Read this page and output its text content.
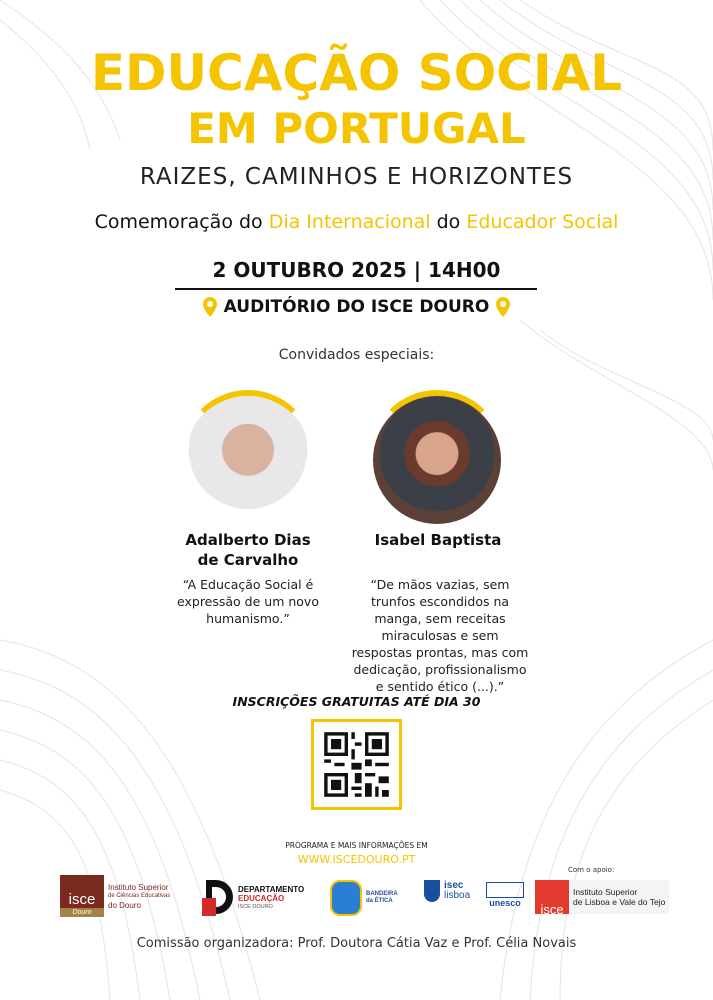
EDUCAÇÃO SOCIAL
EM PORTUGAL
RAIZES, CAMINHOS E HORIZONTES
Comemoração do Dia Internacional do Educador Social
2 OUTUBRO 2025 | 14H00
AUDITÓRIO DO ISCE DOURO
Convidados especiais:
Adalberto Dias
de Carvalho
Isabel Baptista
“A Educação Social é expressão de um novo humanismo.”
“De mãos vazias, sem trunfos escondidos na manga, sem receitas miraculosas e sem respostas prontas, mas com dedicação, profissionalismo e sentido ético (...).”
INSCRIÇÕES GRATUITAS ATÉ DIA 30
PROGRAMA E MAIS INFORMAÇÕES EM
WWW.ISCEDOURO.PT
Com o apoio:
isce
Douro
Instituto Superior
de Ciências Educativas
do Douro
DEPARTAMENTO
EDUCAÇÃO
ISCE DOURO
BANDEIRA
da ÉTICA
isec
lisboa
unesco	isce
Instituto Superior
de Lisboa e Vale do Tejo
Comissão organizadora: Prof. Doutora Cátia Vaz e Prof. Célia Novais
